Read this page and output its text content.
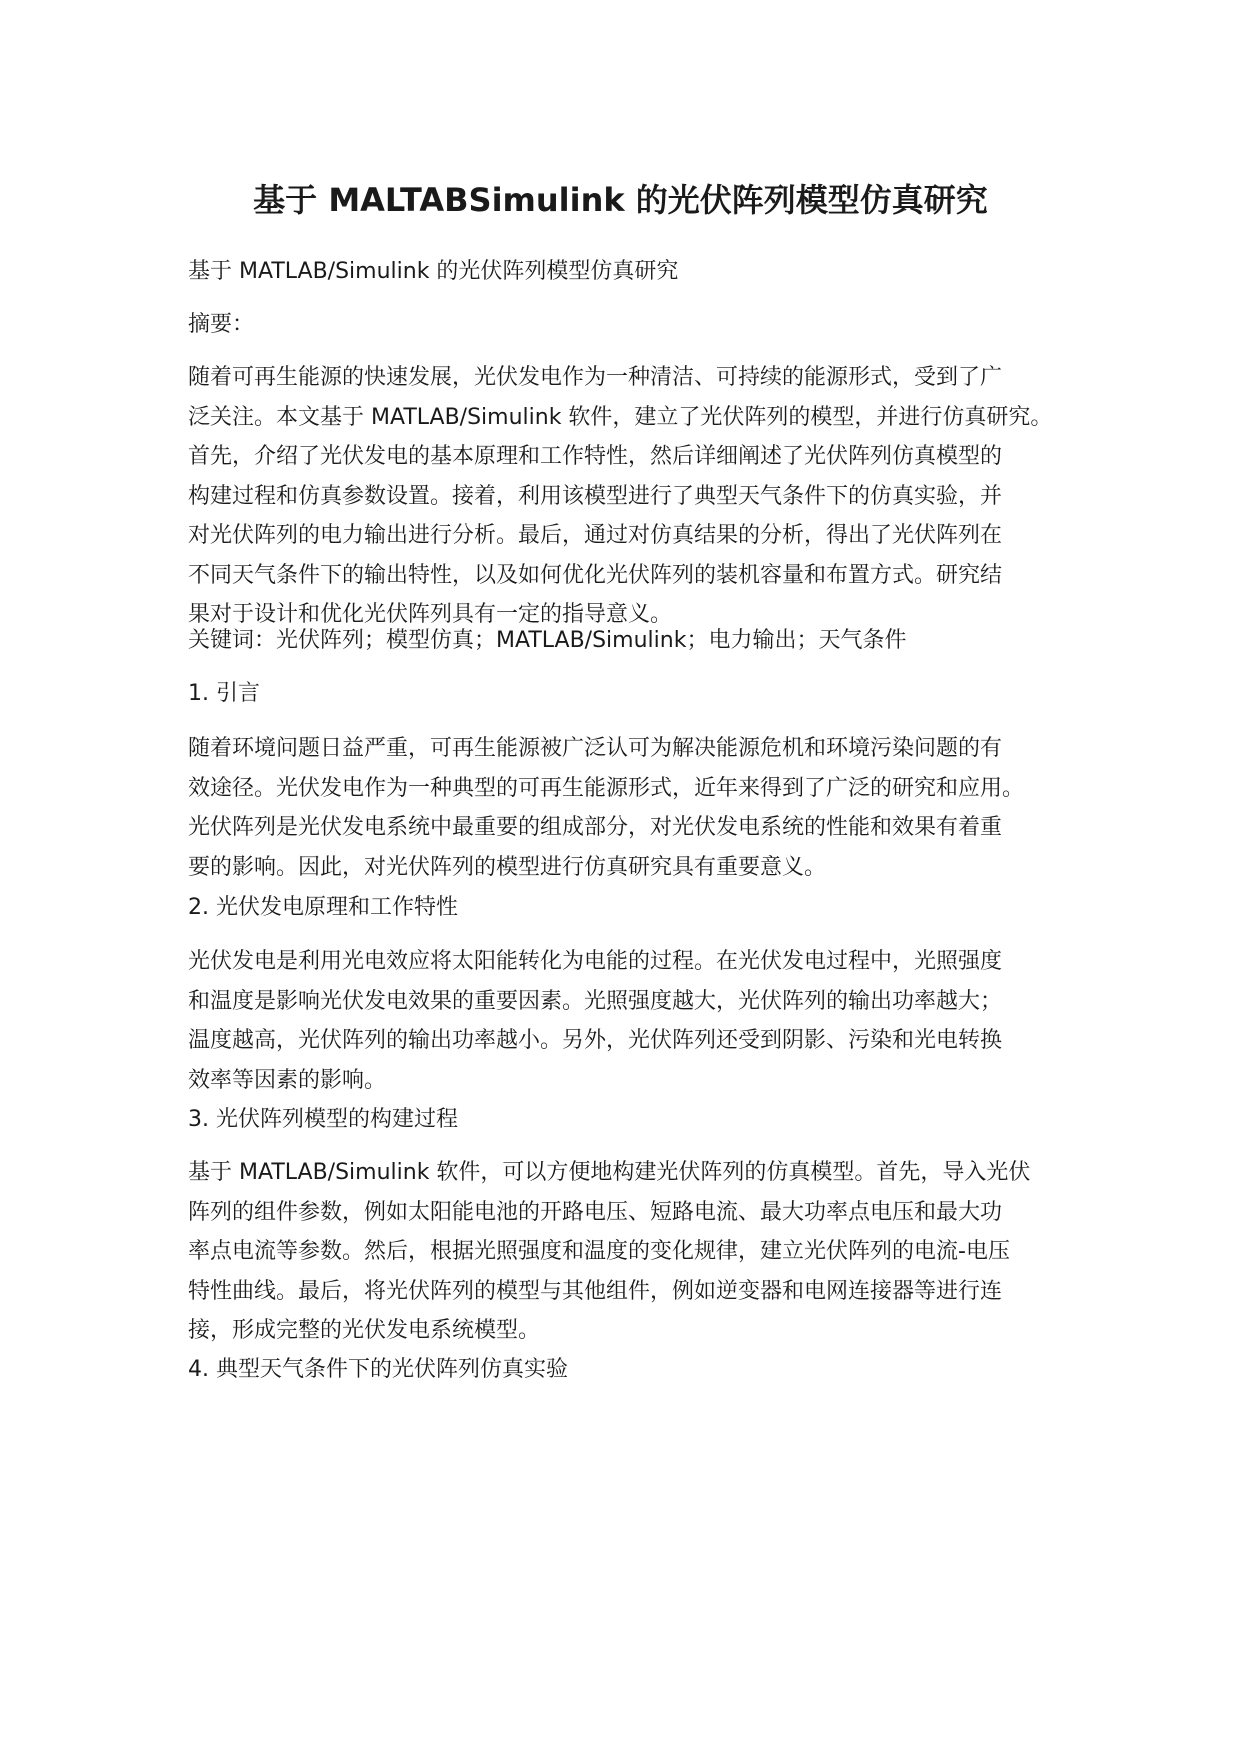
基于 MALTABSimulink 的光伏阵列模型仿真研究

基于 MATLAB/Simulink 的光伏阵列模型仿真研究

摘要：

随着可再生能源的快速发展，光伏发电作为一种清洁、可持续的能源形式，受到了广
泛关注。本文基于 MATLAB/Simulink 软件，建立了光伏阵列的模型，并进行仿真研究。
首先，介绍了光伏发电的基本原理和工作特性，然后详细阐述了光伏阵列仿真模型的
构建过程和仿真参数设置。接着，利用该模型进行了典型天气条件下的仿真实验，并
对光伏阵列的电力输出进行分析。最后，通过对仿真结果的分析，得出了光伏阵列在
不同天气条件下的输出特性，以及如何优化光伏阵列的装机容量和布置方式。研究结
果对于设计和优化光伏阵列具有一定的指导意义。

关键词：光伏阵列；模型仿真；MATLAB/Simulink；电力输出；天气条件

1. 引言

随着环境问题日益严重，可再生能源被广泛认可为解决能源危机和环境污染问题的有
效途径。光伏发电作为一种典型的可再生能源形式，近年来得到了广泛的研究和应用。
光伏阵列是光伏发电系统中最重要的组成部分，对光伏发电系统的性能和效果有着重
要的影响。因此，对光伏阵列的模型进行仿真研究具有重要意义。

2. 光伏发电原理和工作特性

光伏发电是利用光电效应将太阳能转化为电能的过程。在光伏发电过程中，光照强度
和温度是影响光伏发电效果的重要因素。光照强度越大，光伏阵列的输出功率越大；
温度越高，光伏阵列的输出功率越小。另外，光伏阵列还受到阴影、污染和光电转换
效率等因素的影响。

3. 光伏阵列模型的构建过程

基于 MATLAB/Simulink 软件，可以方便地构建光伏阵列的仿真模型。首先，导入光伏
阵列的组件参数，例如太阳能电池的开路电压、短路电流、最大功率点电压和最大功
率点电流等参数。然后，根据光照强度和温度的变化规律，建立光伏阵列的电流-电压
特性曲线。最后，将光伏阵列的模型与其他组件，例如逆变器和电网连接器等进行连
接，形成完整的光伏发电系统模型。

4. 典型天气条件下的光伏阵列仿真实验
